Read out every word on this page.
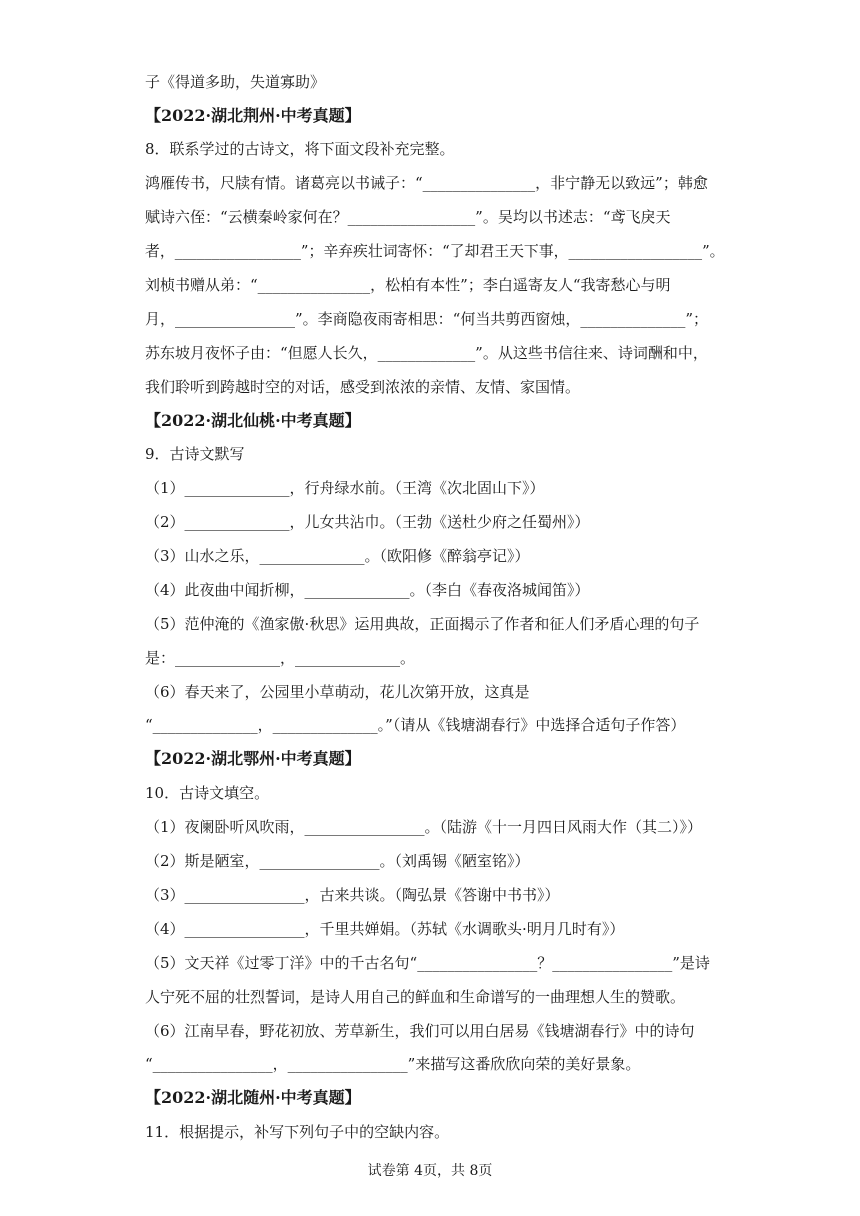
子《得道多助，失道寡助》
【2022·湖北荆州·中考真题】
8．联系学过的古诗文，将下面文段补充完整。
鸿雁传书，尺牍有情。诸葛亮以书诫子：“_______________，非宁静无以致远”；韩愈
赋诗六侄：“云横秦岭家何在？_________________”。吴均以书述志：“鸢飞戾天
者，_________________”；辛弃疾壮词寄怀：“了却君王天下事，__________________”。
刘桢书赠从弟：“_______________，松柏有本性”；李白遥寄友人“我寄愁心与明
月，________________”。李商隐夜雨寄相思：“何当共剪西窗烛，______________”；
苏东坡月夜怀子由：“但愿人长久，_____________”。从这些书信往来、诗词酬和中，
我们聆听到跨越时空的对话，感受到浓浓的亲情、友情、家国情。
【2022·湖北仙桃·中考真题】
9．古诗文默写
（1）______________，行舟绿水前。（王湾《次北固山下》）
（2）______________，儿女共沾巾。（王勃《送杜少府之任蜀州》）
（3）山水之乐，______________。（欧阳修《醉翁亭记》）
（4）此夜曲中闻折柳，______________。（李白《春夜洛城闻笛》）
（5）范仲淹的《渔家傲·秋思》运用典故，正面揭示了作者和征人们矛盾心理的句子
是：______________，______________。
（6）春天来了，公园里小草萌动，花儿次第开放，这真是
“______________，______________。”（请从《钱塘湖春行》中选择合适句子作答）
【2022·湖北鄂州·中考真题】
10．古诗文填空。
（1）夜阑卧听风吹雨，________________。（陆游《十一月四日风雨大作（其二）》）
（2）斯是陋室，________________。（刘禹锡《陋室铭》）
（3）________________，古来共谈。（陶弘景《答谢中书书》）
（4）________________，千里共婵娟。（苏轼《水调歌头·明月几时有》）
（5）文天祥《过零丁洋》中的千古名句“________________？________________”是诗
人宁死不屈的壮烈誓词，是诗人用自己的鲜血和生命谱写的一曲理想人生的赞歌。
（6）江南早春，野花初放、芳草新生，我们可以用白居易《钱塘湖春行》中的诗句
“________________，________________”来描写这番欣欣向荣的美好景象。
【2022·湖北随州·中考真题】
11．根据提示，补写下列句子中的空缺内容。
试卷第 4页，共 8页
